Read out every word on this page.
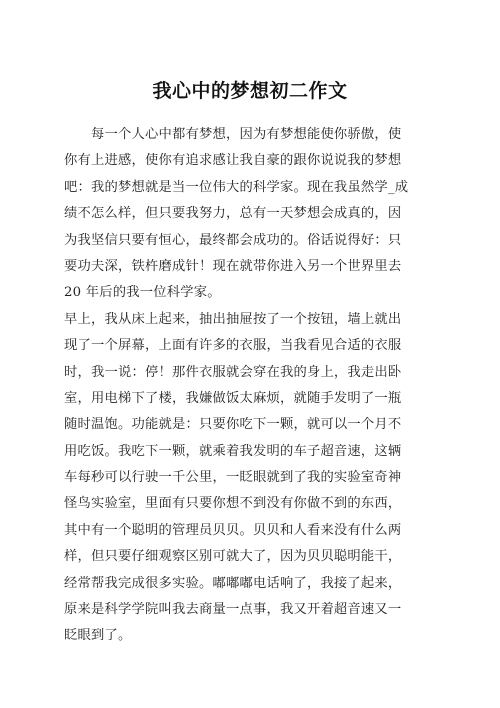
我心中的梦想初二作文
　　每一个人心中都有梦想，因为有梦想能使你骄傲，使
你有上进感，使你有追求感让我自豪的跟你说说我的梦想
吧：我的梦想就是当一位伟大的科学家。现在我虽然学_成
绩不怎么样，但只要我努力，总有一天梦想会成真的，因
为我坚信只要有恒心，最终都会成功的。俗话说得好：只
要功夫深，铁杵磨成针！现在就带你进入另一个世界里去
20 年后的我一位科学家。
早上，我从床上起来，抽出抽屉按了一个按钮，墙上就出
现了一个屏幕，上面有许多的衣服，当我看见合适的衣服
时，我一说：停！那件衣服就会穿在我的身上，我走出卧
室，用电梯下了楼，我嫌做饭太麻烦，就随手发明了一瓶
随时温饱。功能就是：只要你吃下一颗，就可以一个月不
用吃饭。我吃下一颗，就乘着我发明的车子超音速，这辆
车每秒可以行驶一千公里，一眨眼就到了我的实验室奇神
怪鸟实验室，里面有只要你想不到没有你做不到的东西，
其中有一个聪明的管理员贝贝。贝贝和人看来没有什么两
样，但只要仔细观察区别可就大了，因为贝贝聪明能干，
经常帮我完成很多实验。嘟嘟嘟电话响了，我接了起来，
原来是科学学院叫我去商量一点事，我又开着超音速又一
眨眼到了。
